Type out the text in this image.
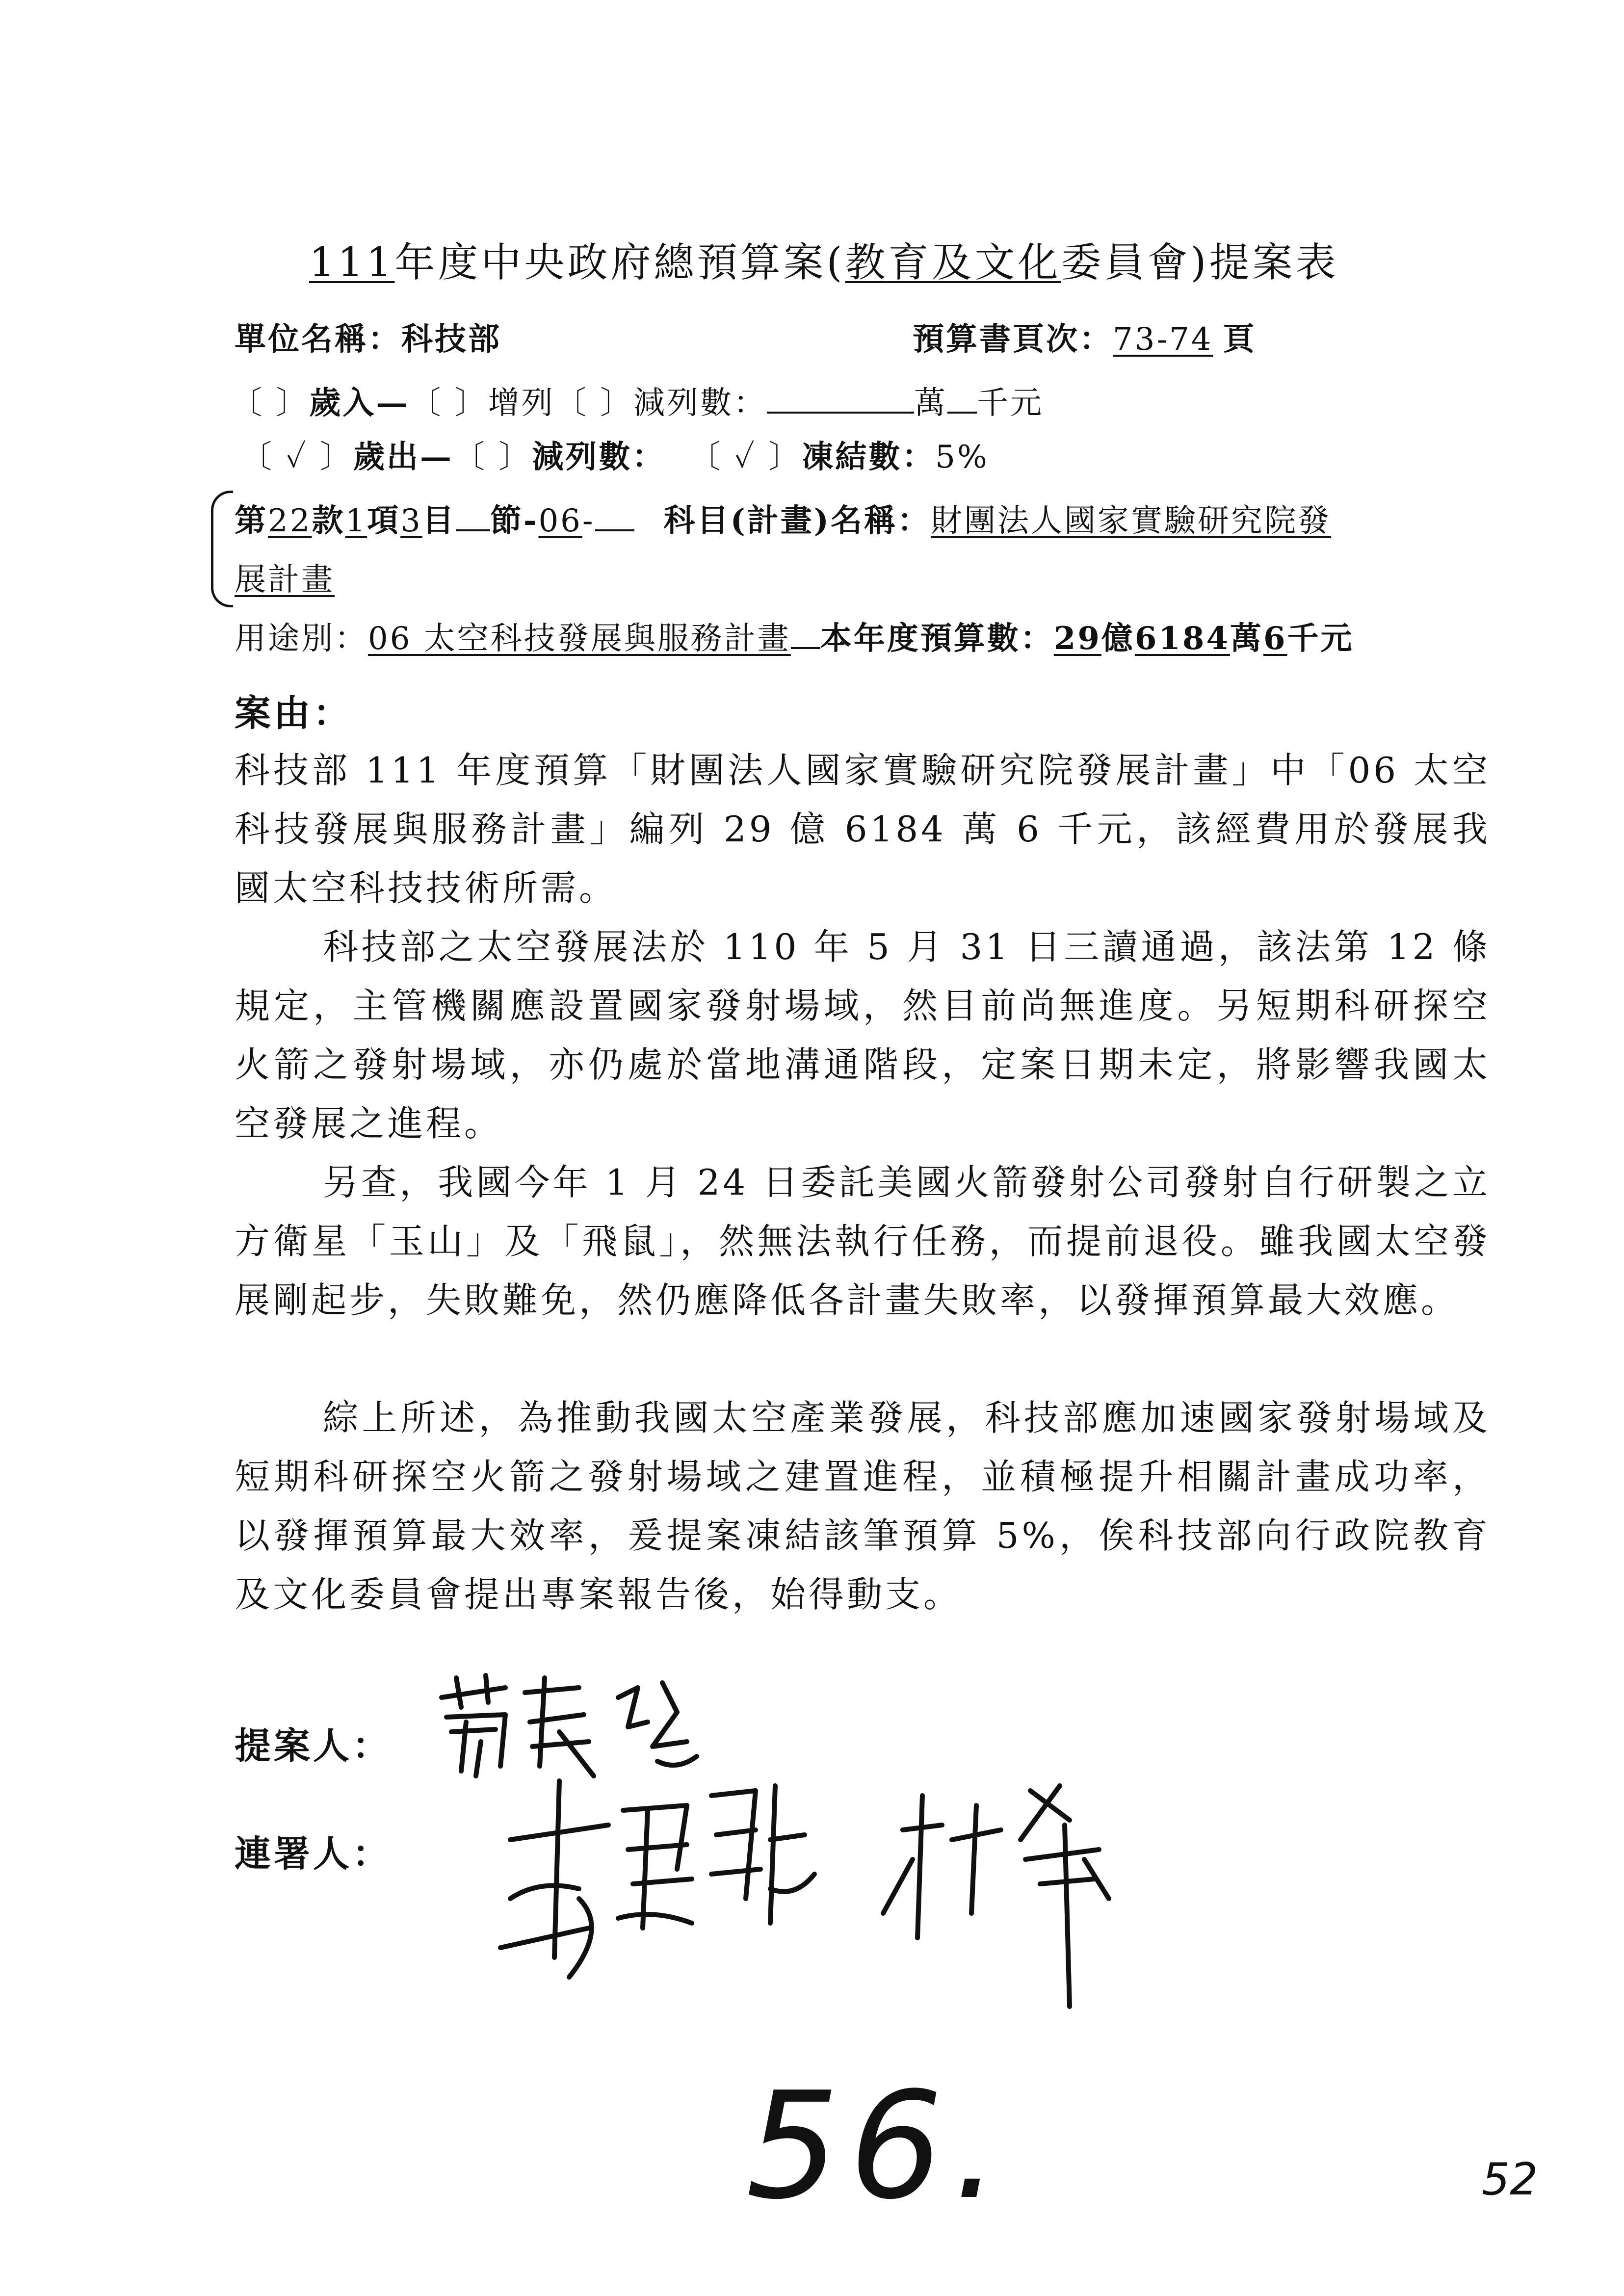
111年度中央政府總預算案(教育及文化委員會)提案表
單位名稱：科技部	預算書頁次：73-74 頁
〔 〕歲入—〔 〕增列〔 〕減列數：	萬 千元
〔 ✓ 〕歲出—〔 〕減列數： 〔 ✓ 〕凍結數：5%
第22款1項3目 節-06- 科目(計畫)名稱：財團法人國家實驗研究院發
展計畫
用途別：06 太空科技發展與服務計畫 本年度預算數：29億6184萬6千元
案由：
科技部 111 年度預算「財團法人國家實驗研究院發展計畫」中「06 太空科技發展與服務計畫」編列 29 億 6184 萬 6 千元，該經費用於發展我國太空科技技術所需。
科技部之太空發展法於 110 年 5 月 31 日三讀通過，該法第 12 條規定，主管機關應設置國家發射場域，然目前尚無進度。另短期科研探空火箭之發射場域，亦仍處於當地溝通階段，定案日期未定，將影響我國太空發展之進程。
另查，我國今年 1 月 24 日委託美國火箭發射公司發射自行研製之立方衛星「玉山」及「飛鼠」，然無法執行任務，而提前退役。雖我國太空發展剛起步，失敗難免，然仍應降低各計畫失敗率，以發揮預算最大效應。
綜上所述，為推動我國太空產業發展，科技部應加速國家發射場域及短期科研探空火箭之發射場域之建置進程，並積極提升相關計畫成功率，以發揮預算最大效率，爰提案凍結該筆預算 5%，俟科技部向行政院教育及文化委員會提出專案報告後，始得動支。
提案人：
連署人：
56.	52
